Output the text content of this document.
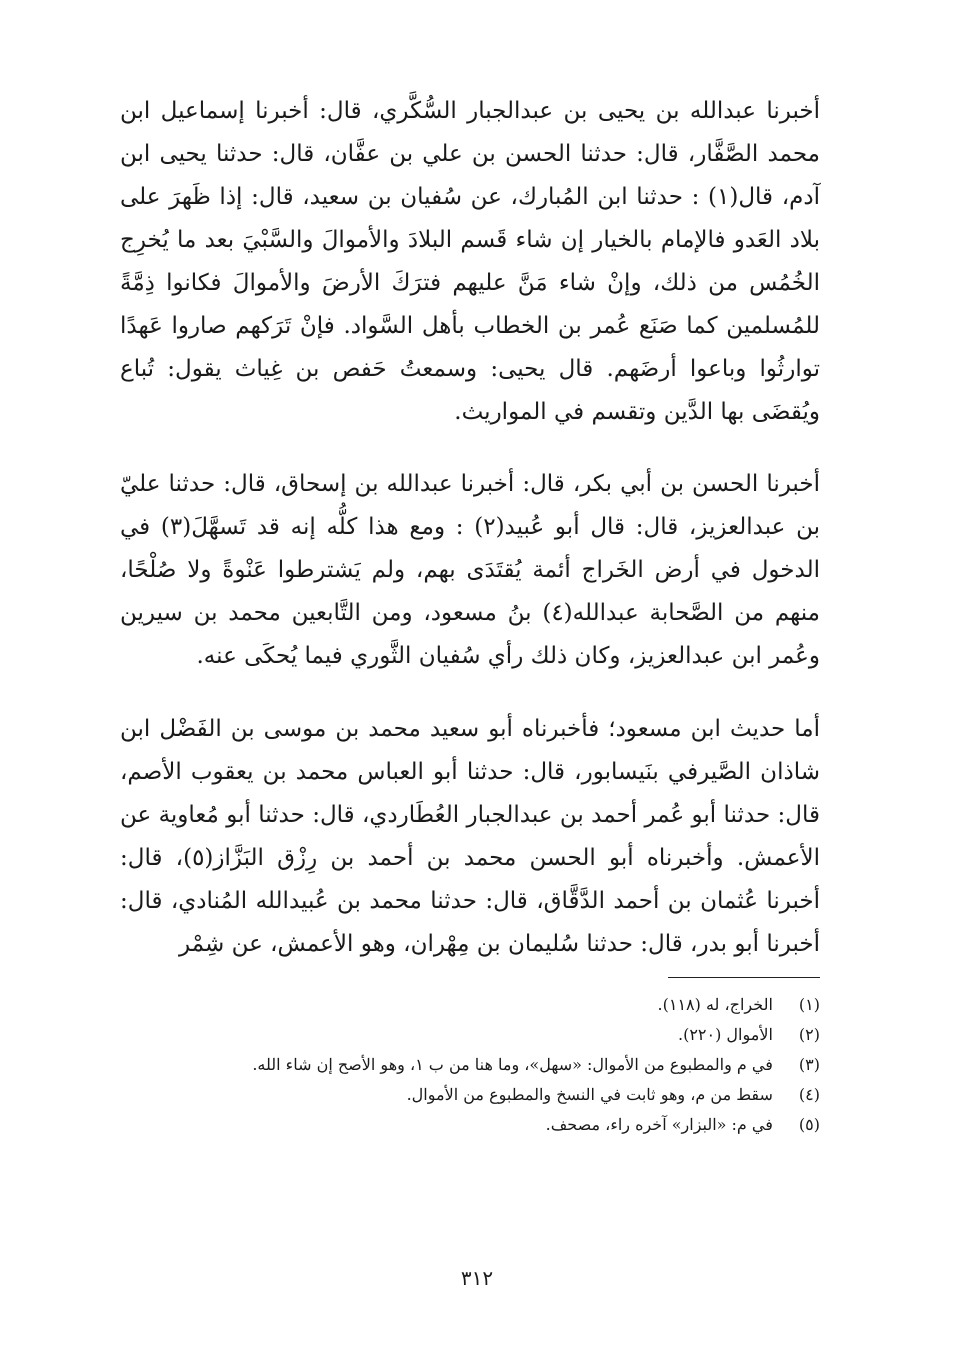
أخبرنا عبدالله بن يحيى بن عبدالجبار السُّكَّري، قال: أخبرنا إسماعيل ابن محمد الصَّفَّار، قال: حدثنا الحسن بن علي بن عفَّان، قال: حدثنا يحيى ابن آدم، قال(١) : حدثنا ابن المُبارك، عن سُفيان بن سعيد، قال: إذا ظَهرَ على بلاد العَدو فالإمام بالخيار إن شاء قَسم البلادَ والأموالَ والسَّبْيَ بعد ما يُخرِج الخُمُس من ذلك، وإنْ شاء مَنَّ عليهم فترَكَ الأرضَ والأموالَ فكانوا ذِمَّةً للمُسلمين كما صَنَع عُمر بن الخطاب بأهل السَّواد. فإنْ تَرَكهم صاروا عَهدًا توارثُوا وباعوا أرضَهم. قال يحيى: وسمعتُ حَفص بن غِياث يقول: تُباع ويُقضَى بها الدَّين وتقسم في المواريث.

أخبرنا الحسن بن أبي بكر، قال: أخبرنا عبدالله بن إسحاق، قال: حدثنا عليّ بن عبدالعزيز، قال: قال أبو عُبيد(٢) : ومع هذا كلُّه إنه قد تَسهَّلَ(٣) في الدخول في أرض الخَراج أئمة يُقتَدَى بهم، ولم يَشترطوا عَنْوةً ولا صُلْحًا، منهم من الصَّحابة عبدالله(٤) بنُ مسعود، ومن التَّابعين محمد بن سيرين وعُمر ابن عبدالعزيز، وكان ذلك رأي سُفيان الثَّوري فيما يُحكَى عنه.

أما حديث ابن مسعود؛ فأخبرناه أبو سعيد محمد بن موسى بن الفَضْل ابن شاذان الصَّيرفي بنَيسابور، قال: حدثنا أبو العباس محمد بن يعقوب الأصم، قال: حدثنا أبو عُمر أحمد بن عبدالجبار العُطَاردي، قال: حدثنا أبو مُعاوية عن الأعمش. وأخبرناه أبو الحسن محمد بن أحمد بن رِزْق البَزَّاز(٥)، قال: أخبرنا عُثمان بن أحمد الدَّقَّاق، قال: حدثنا محمد بن عُبيدالله المُنادي، قال: أخبرنا أبو بدر، قال: حدثنا سُليمان بن مِهْران، وهو الأعمش، عن شِمْر

(١) الخراج، له (١١٨).
(٢) الأموال (٢٢٠).
(٣) في م والمطبوع من الأموال: «سهل»، وما هنا من ب ١، وهو الأصح إن شاء الله.
(٤) سقط من م، وهو ثابت في النسخ والمطبوع من الأموال.
(٥) في م: «البزار» آخره راء، مصحف.
٣١٢
